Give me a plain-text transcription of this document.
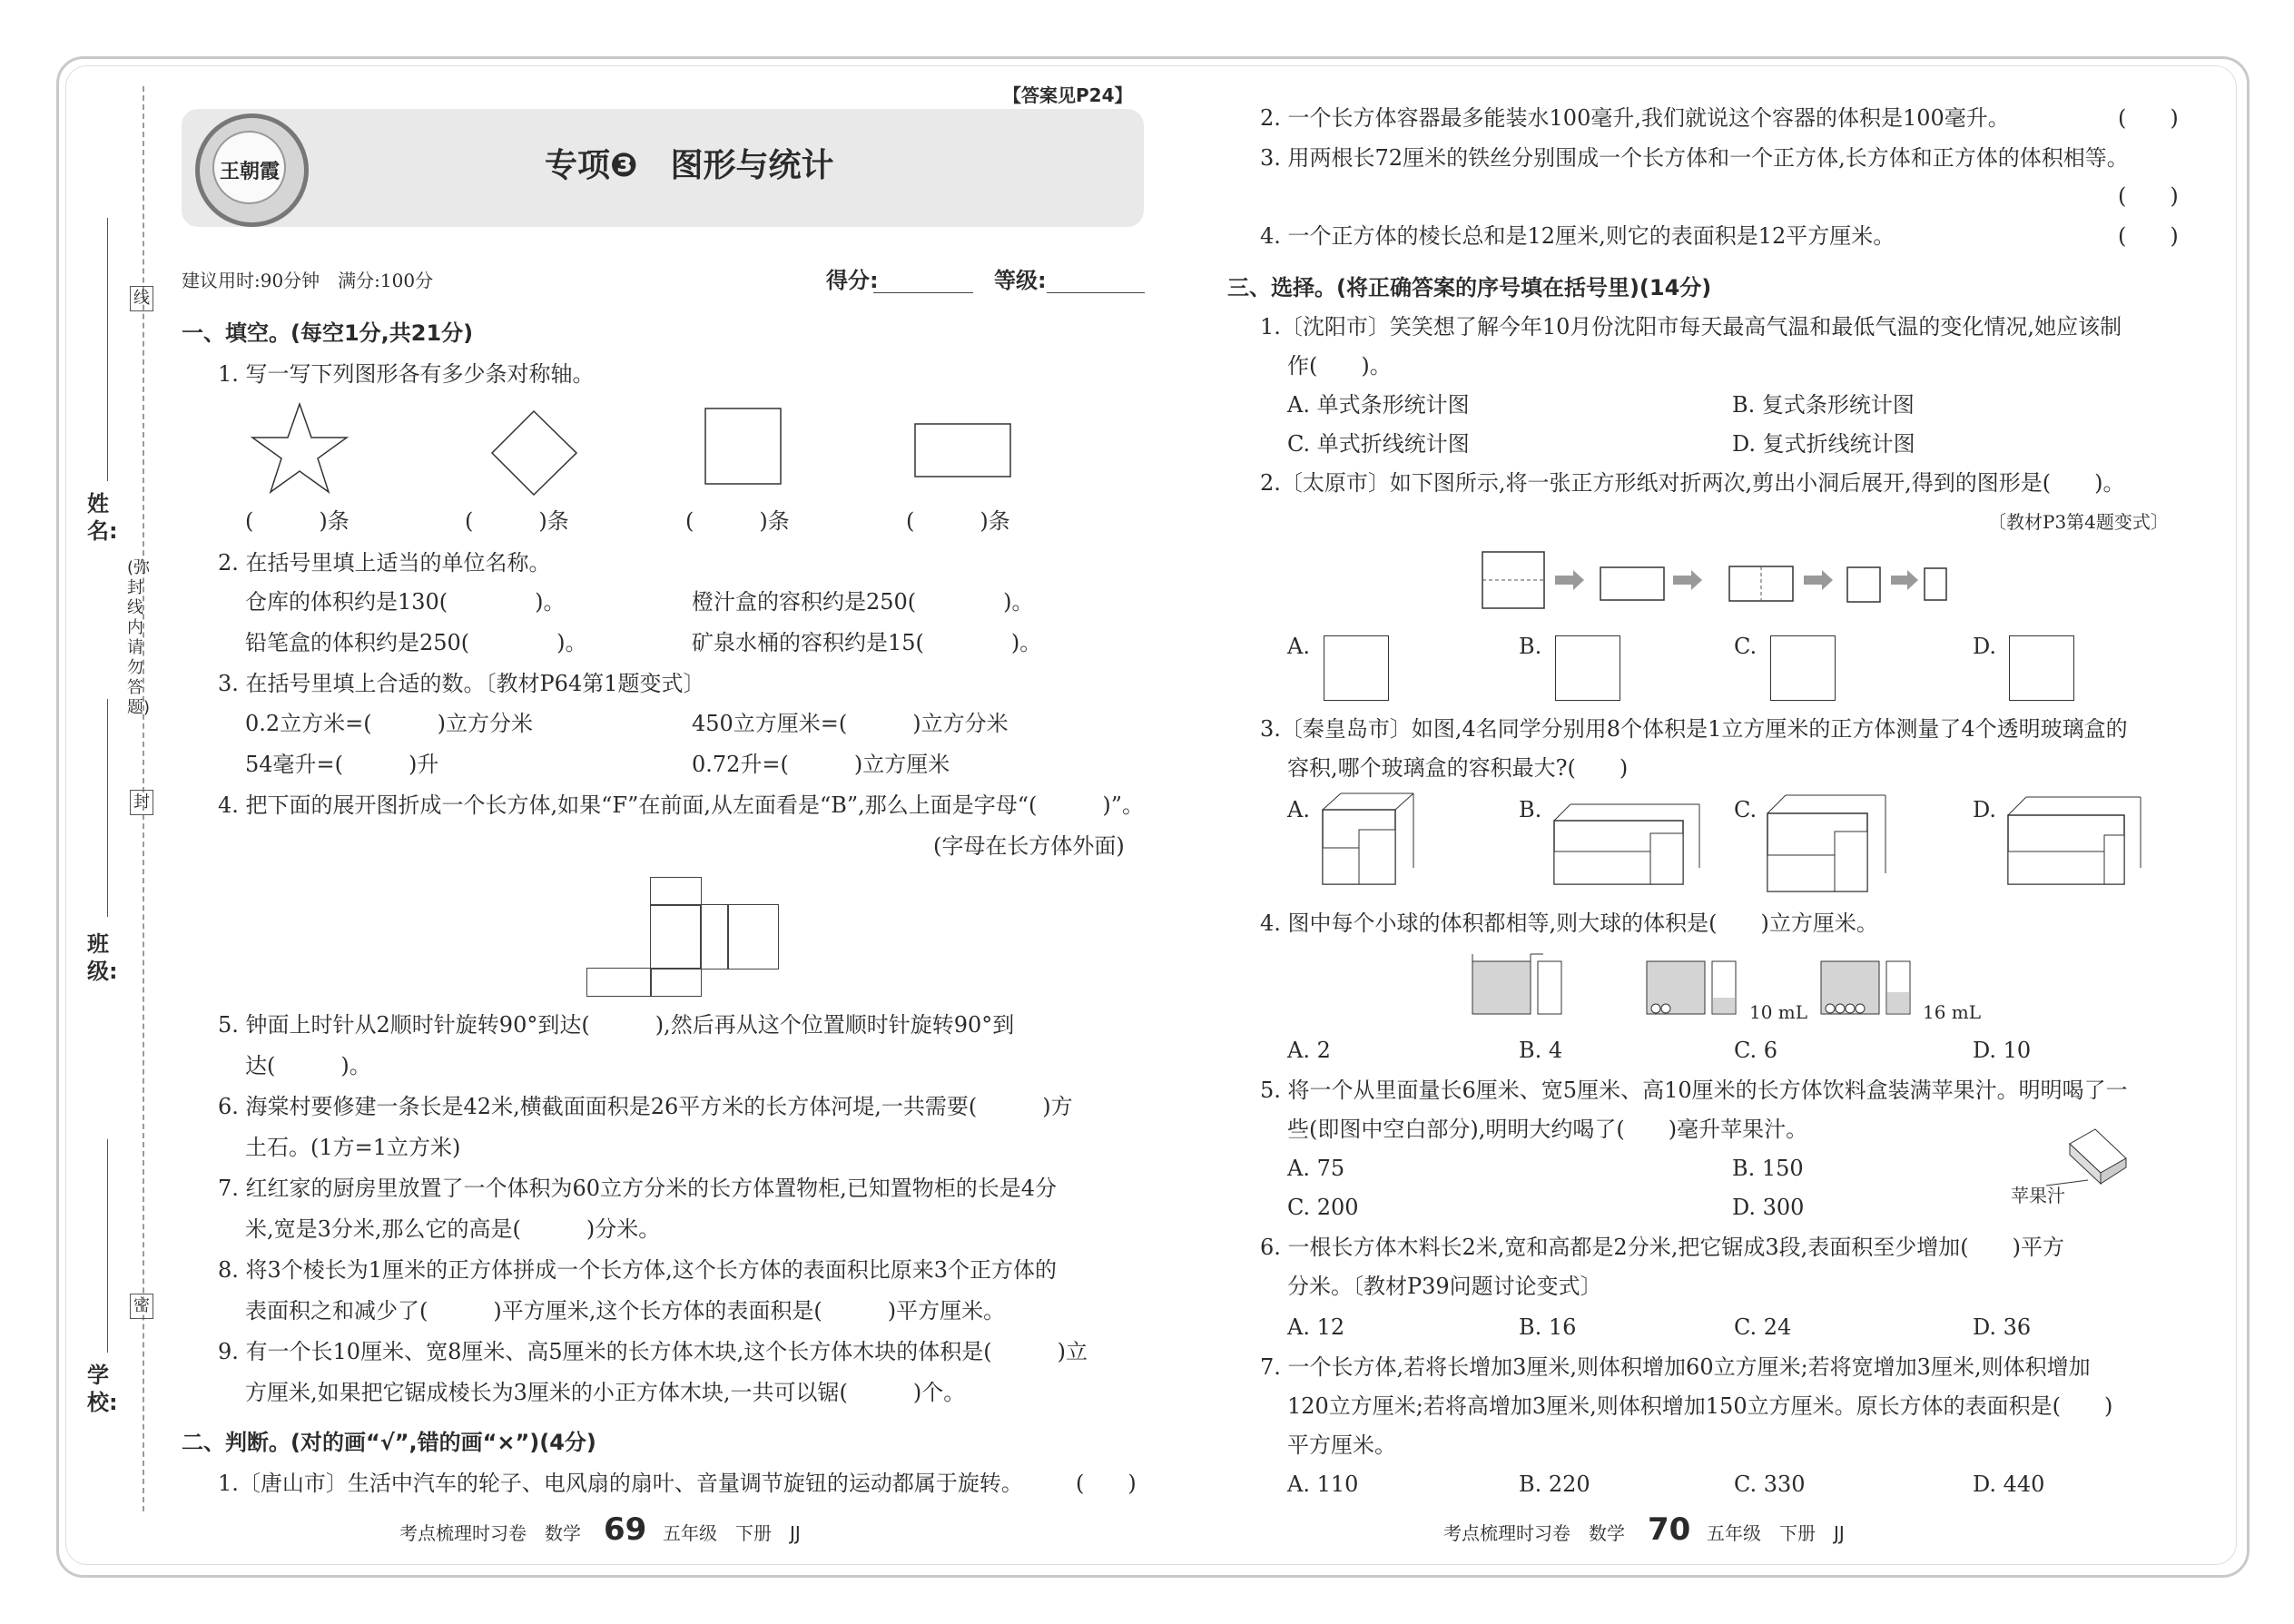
线
封
密
(弥封线内请勿答题)
姓名:
班级:
学校:
【答案见P24】
王朝霞	专项❸　图形与统计
建议用时:90分钟　满分:100分	得分:	等级:
一、填空。(每空1分,共21分)
1. 写一写下列图形各有多少条对称轴。
(　　　)条	(　　　)条	(　　　)条	(　　　)条
2. 在括号里填上适当的单位名称。
仓库的体积约是130(　　　　)。	橙汁盒的容积约是250(　　　　)。
铅笔盒的体积约是250(　　　　)。	矿泉水桶的容积约是15(　　　　)。
3. 在括号里填上合适的数。〔教材P64第1题变式〕
0.2立方米=(　　　)立方分米	450立方厘米=(　　　)立方分米
54毫升=(　　　)升	0.72升=(　　　)立方厘米
4. 把下面的展开图折成一个长方体,如果“F”在前面,从左面看是“B”,那么上面是字母“(　　　)”。
(字母在长方体外面)
5. 钟面上时针从2顺时针旋转90°到达(　　　),然后再从这个位置顺时针旋转90°到
达(　　　)。
6. 海棠村要修建一条长是42米,横截面面积是26平方米的长方体河堤,一共需要(　　　)方
土石。(1方=1立方米)
7. 红红家的厨房里放置了一个体积为60立方分米的长方体置物柜,已知置物柜的长是4分
米,宽是3分米,那么它的高是(　　　)分米。
8. 将3个棱长为1厘米的正方体拼成一个长方体,这个长方体的表面积比原来3个正方体的
表面积之和减少了(　　　)平方厘米,这个长方体的表面积是(　　　)平方厘米。
9. 有一个长10厘米、宽8厘米、高5厘米的长方体木块,这个长方体木块的体积是(　　　)立
方厘米,如果把它锯成棱长为3厘米的小正方体木块,一共可以锯(　　　)个。
二、判断。(对的画“√”,错的画“×”)(4分)
1.〔唐山市〕生活中汽车的轮子、电风扇的扇叶、音量调节旋钮的运动都属于旋转。 (　　)
考点梳理时习卷　数学 69 五年级　下册　JJ
2. 一个长方体容器最多能装水100毫升,我们就说这个容器的体积是100毫升。	(　　)
3. 用两根长72厘米的铁丝分别围成一个长方体和一个正方体,长方体和正方体的体积相等。
(　　)
4. 一个正方体的棱长总和是12厘米,则它的表面积是12平方厘米。	(　　)
三、选择。(将正确答案的序号填在括号里)(14分)
1.〔沈阳市〕笑笑想了解今年10月份沈阳市每天最高气温和最低气温的变化情况,她应该制
作(　　)。
A. 单式条形统计图	B. 复式条形统计图
C. 单式折线统计图	D. 复式折线统计图
2.〔太原市〕如下图所示,将一张正方形纸对折两次,剪出小洞后展开,得到的图形是(　　)。
〔教材P3第4题变式〕
A.	B.	C.	D.
3.〔秦皇岛市〕如图,4名同学分别用8个体积是1立方厘米的正方体测量了4个透明玻璃盒的
容积,哪个玻璃盒的容积最大?(　　)
A.	B.	C.	D.
4. 图中每个小球的体积都相等,则大球的体积是(　　)立方厘米。
10 mL	16 mL
A. 2	B. 4	C. 6	D. 10
5. 将一个从里面量长6厘米、宽5厘米、高10厘米的长方体饮料盒装满苹果汁。明明喝了一
些(即图中空白部分),明明大约喝了(　　)毫升苹果汁。
A. 75	B. 150
C. 200	D. 300	苹果汁
6. 一根长方体木料长2米,宽和高都是2分米,把它锯成3段,表面积至少增加(　　)平方
分米。〔教材P39问题讨论变式〕
A. 12	B. 16	C. 24	D. 36
7. 一个长方体,若将长增加3厘米,则体积增加60立方厘米;若将宽增加3厘米,则体积增加
120立方厘米;若将高增加3厘米,则体积增加150立方厘米。原长方体的表面积是(　　)
平方厘米。
A. 110	B. 220	C. 330	D. 440
考点梳理时习卷　数学 70 五年级　下册　JJ
